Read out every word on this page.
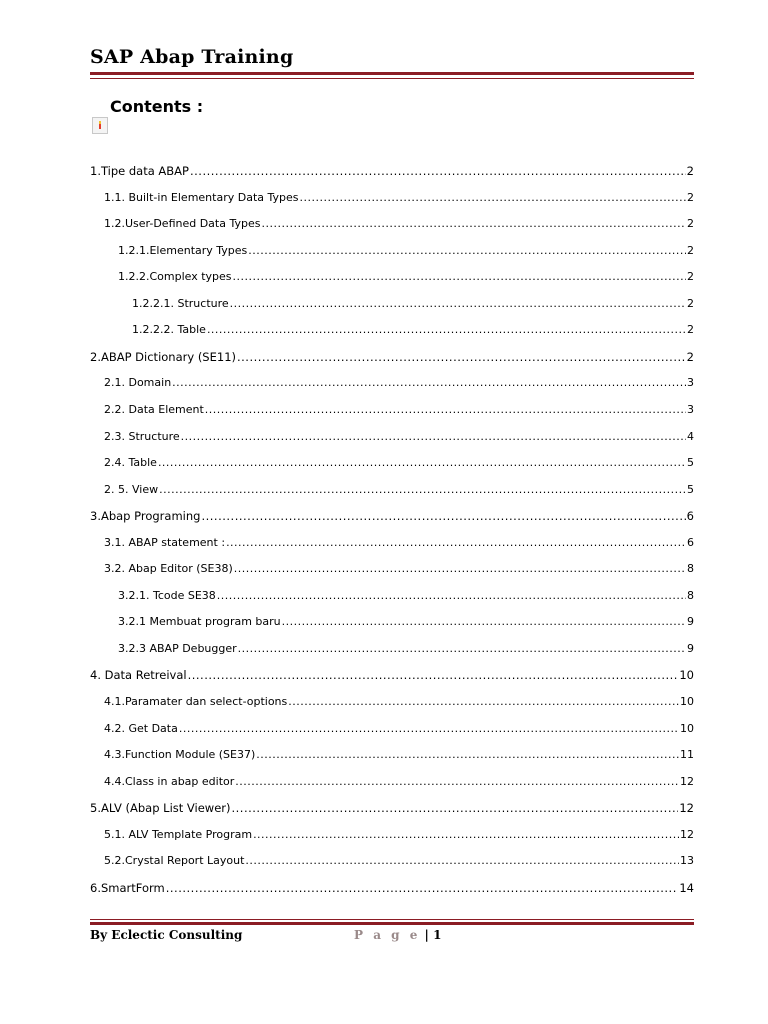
SAP Abap Training
Contents :
1.Tipe data ABAP .....	2
1.1. Built-in Elementary Data Types .....	2
1.2.User-Defined Data Types .....	2
1.2.1.Elementary Types .....	2
1.2.2.Complex types .....	2
1.2.2.1. Structure .....	2
1.2.2.2. Table .....	2
2.ABAP Dictionary (SE11) .....	2
2.1. Domain .....	3
2.2. Data Element .....	3
2.3. Structure .....	4
2.4. Table .....	5
2. 5. View .....	5
3.Abap Programing .....	6
3.1. ABAP statement : .....	6
3.2. Abap Editor (SE38) .....	8
3.2.1. Tcode SE38 .....	8
3.2.1 Membuat program baru .....	9
3.2.3 ABAP Debugger .....	9
4. Data Retreival .....	10
4.1.Paramater dan select-options .....	10
4.2. Get Data .....	10
4.3.Function Module (SE37) .....	11
4.4.Class in abap editor .....	12
5.ALV (Abap List Viewer) .....	12
5.1. ALV Template Program .....	12
5.2.Crystal Report Layout .....	13
6.SmartForm .....	14
By Eclectic Consulting	P a g e | 1
